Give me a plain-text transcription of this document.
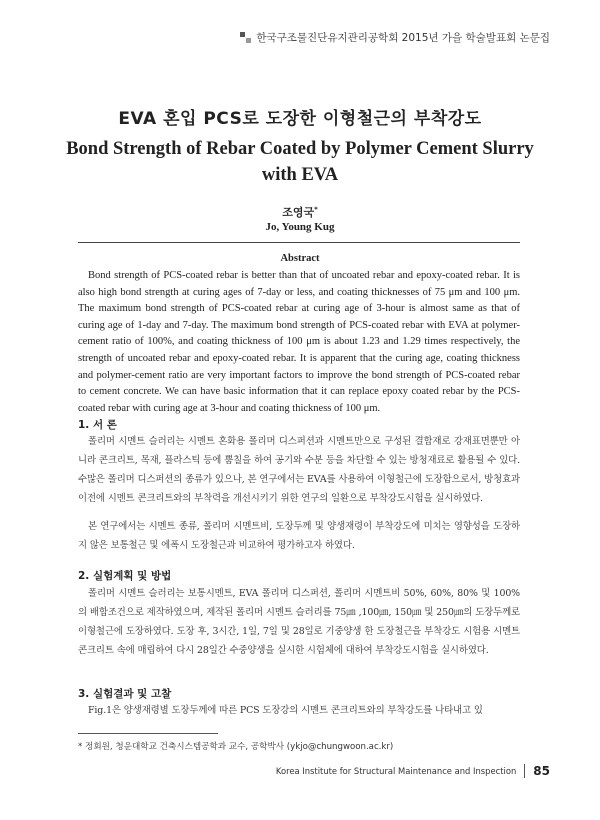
한국구조물진단유지관리공학회 2015년 가을 학술발표회 논문집
EVA 혼입 PCS로 도장한 이형철근의 부착강도
Bond Strength of Rebar Coated by Polymer Cement Slurry with EVA
조영국*
Jo, Young Kug
Abstract

Bond strength of PCS-coated rebar is better than that of uncoated rebar and epoxy-coated rebar. It is also high bond strength at curing ages of 7-day or less, and coating thicknesses of 75 μm and 100 μm. The maximum bond strength of PCS-coated rebar at curing age of 3-hour is almost same as that of curing age of 1-day and 7-day. The maximum bond strength of PCS-coated rebar with EVA at polymer-cement ratio of 100%, and coating thickness of 100 μm is about 1.23 and 1.29 times respectively, the strength of uncoated rebar and epoxy-coated rebar. It is apparent that the curing age, coating thickness and polymer-cement ratio are very important factors to improve the bond strength of PCS-coated rebar to cement concrete. We can have basic information that it can replace epoxy coated rebar by the PCS-coated rebar with curing age at 3-hour and coating thickness of 100 μm.

1. 서 론

폴리머 시멘트 슬러리는 시멘트 혼화용 폴리머 디스퍼션과 시멘트만으로 구성된 결합재로 강재표면뿐만 아니라 콘크리트, 목재, 플라스틱 등에 뿜칠을 하여 공기와 수분 등을 차단할 수 있는 방청재료로 활용될 수 있다. 수많은 폴리머 디스퍼션의 종류가 있으나, 본 연구에서는 EVA를 사용하여 이형철근에 도장함으로서, 방청효과 이전에 시멘트 콘크리트와의 부착력을 개선시키기 위한 연구의 일환으로 부착강도시험을 실시하였다.

본 연구에서는 시멘트 종류, 폴리머 시멘트비, 도장두께 및 양생재령이 부착강도에 미치는 영향성을 도장하지 않은 보통철근 및 에폭시 도장철근과 비교하여 평가하고자 하였다.

2. 실험계획 및 방법

폴리머 시멘트 슬러리는 보통시멘트, EVA 폴리머 디스퍼션, 폴리머 시멘트비 50%, 60%, 80% 및 100%의 배합조건으로 제작하였으며, 제작된 폴리머 시멘트 슬러리를 75㎛ ,100㎛, 150㎛ 및 250㎛의 도장두께로 이형철근에 도장하였다. 도장 후, 3시간, 1일, 7일 및 28일로 기중양생 한 도장철근을 부착강도 시험용 시멘트 콘크리트 속에 매립하여 다시 28일간 수중양생을 실시한 시험체에 대하여 부착강도시험을 실시하였다.

3. 실험결과 및 고찰

Fig.1은 양생재령별 도장두께에 따른 PCS 도장강의 시멘트 콘크리트와의 부착강도를 나타내고 있

* 정회원, 청운대학교 건축시스템공학과 교수, 공학박사 (ykjo@chungwoon.ac.kr)
Korea Institute for Structural Maintenance and Inspection 85
